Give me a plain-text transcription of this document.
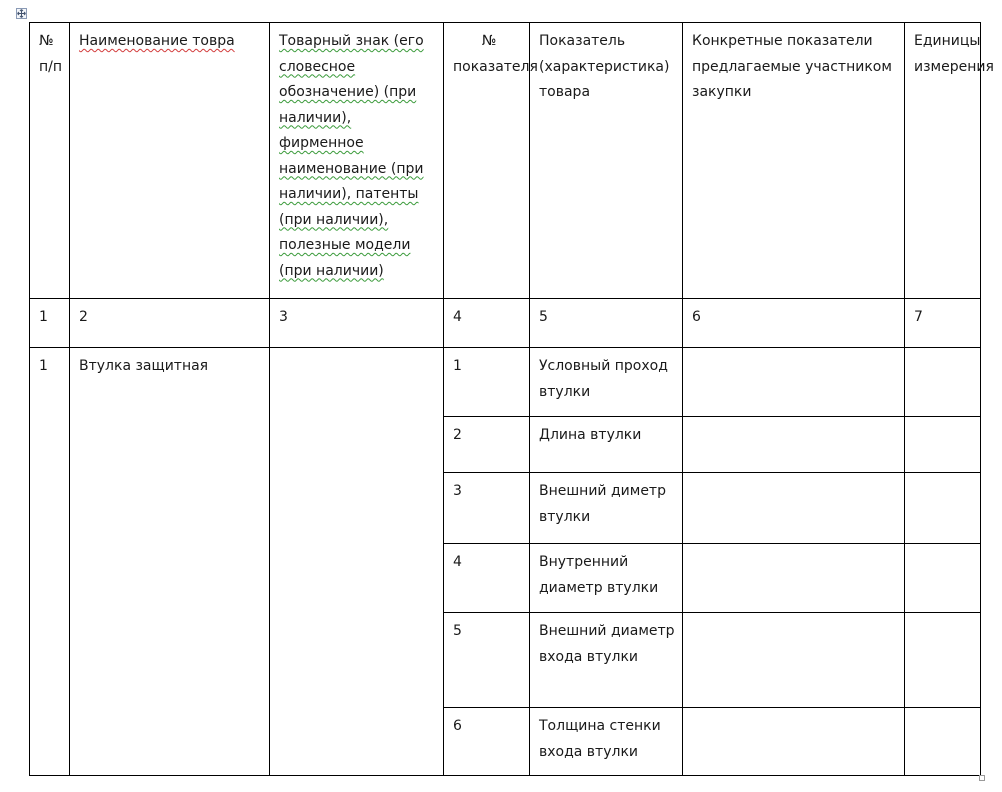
№ п/п	Наименование товра	Товарный знак (его словесное обозначение) (при наличии), фирменное наименование (при наличии), патенты (при наличии), полезные модели (при наличии)	№ показателя	Показатель (характеристика) товара	Конкретные показатели предлагаемые участником закупки	Единицы измерения

1	2	3	4	5	6	7
1	Втулка защитная		1	Условный проход втулки		
			2	Длина втулки		
			3	Внешний диметр втулки		
			4	Внутренний диаметр втулки		
			5	Внешний диаметр входа втулки		
			6	Толщина стенки входа втулки		
